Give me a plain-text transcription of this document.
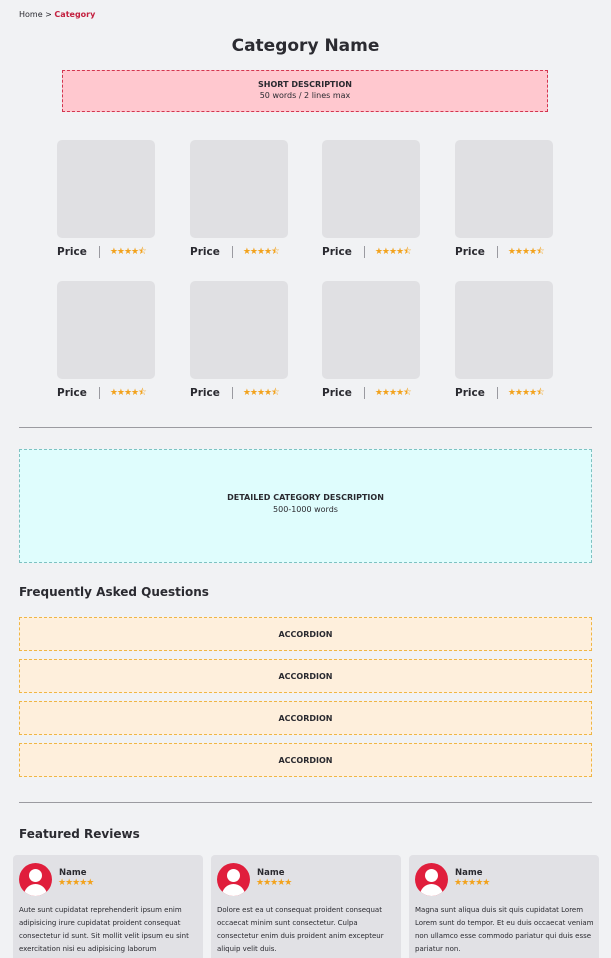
Home > Category
Category Name
SHORT DESCRIPTION
50 words / 2 lines max
Price	★★★★⯪	Price	★★★★⯪	Price	★★★★⯪	Price	★★★★⯪
Price	★★★★⯪	Price	★★★★⯪	Price	★★★★⯪	Price	★★★★⯪
DETAILED CATEGORY DESCRIPTION
500-1000 words
Frequently Asked Questions
ACCORDION
ACCORDION
ACCORDION
ACCORDION
Featured Reviews
Name
★★★★★
Aute sunt cupidatat reprehenderit ipsum enim adipisicing irure cupidatat proident consequat consectetur id sunt. Sit mollit velit ipsum eu sint exercitation nisi eu adipisicing laborum
Name
★★★★★
Dolore est ea ut consequat proident consequat occaecat minim sunt consectetur. Culpa consectetur enim duis proident anim excepteur aliquip velit duis.
Name
★★★★★
Magna sunt aliqua duis sit quis cupidatat Lorem Lorem sunt do tempor. Et eu duis occaecat veniam non ullamco esse commodo pariatur qui duis esse pariatur non.
